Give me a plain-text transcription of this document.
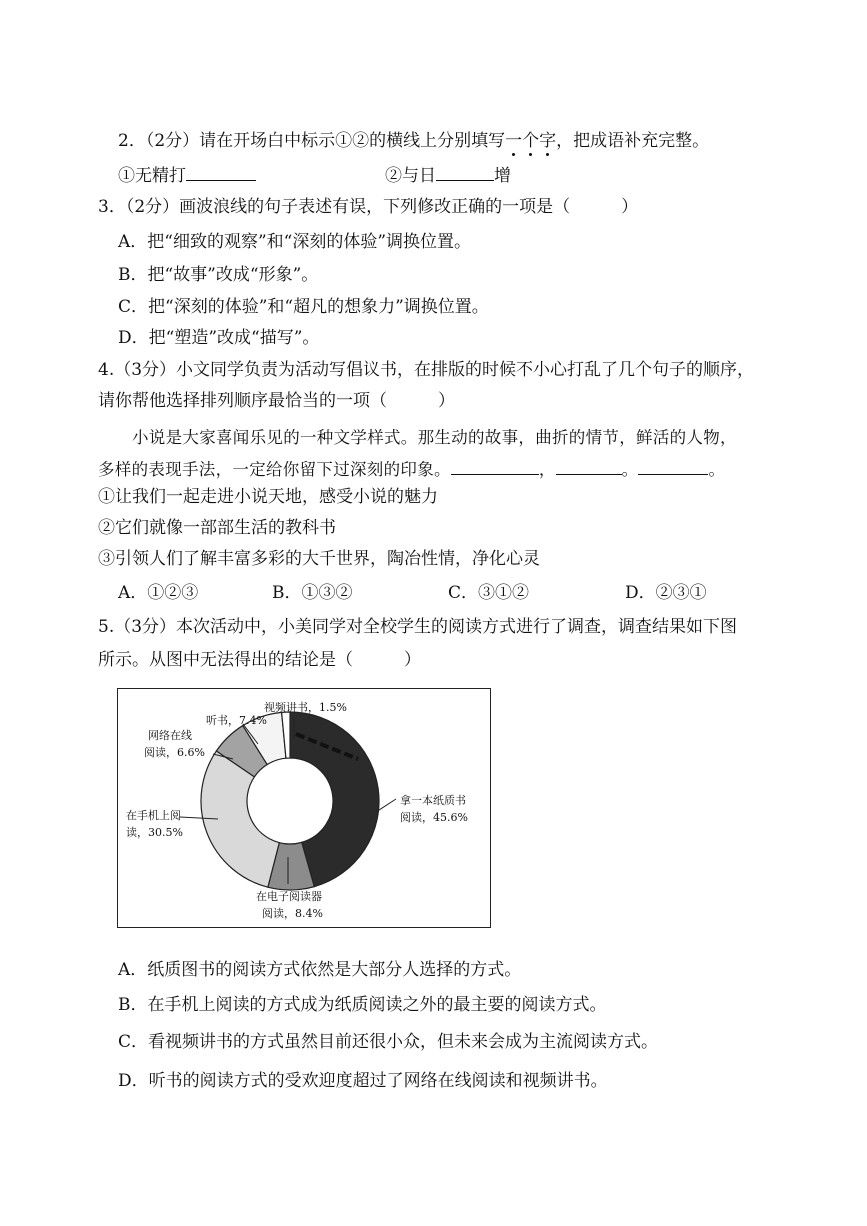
2．（2分）请在开场白中标示①②的横线上分别填写一个字，把成语补充完整。
①无精打	②与日	增
3．（2分）画波浪线的句子表述有误，下列修改正确的一项是（　　　）
A．把“细致的观察”和“深刻的体验”调换位置。
B．把“故事”改成“形象”。
C．把“深刻的体验”和“超凡的想象力”调换位置。
D．把“塑造”改成“描写”。
4.（3分）小文同学负责为活动写倡议书，在排版的时候不小心打乱了几个句子的顺序，
请你帮他选择排列顺序最恰当的一项（　　　）
小说是大家喜闻乐见的一种文学样式。那生动的故事，曲折的情节，鲜活的人物，
多样的表现手法，一定给你留下过深刻的印象。	，	。	。
①让我们一起走进小说天地，感受小说的魅力
②它们就像一部部生活的教科书
③引领人们了解丰富多彩的大千世界，陶冶性情，净化心灵
A．①②③	B．①③②	C．③①②	D．②③①
5.（3分）本次活动中，小美同学对全校学生的阅读方式进行了调查，调查结果如下图
所示。从图中无法得出的结论是（　　　）
视频讲书，1.5%
听书，7.4%
网络在线
阅读，6.6%
在手机上阅
读，30.5%
拿一本纸质书
阅读，45.6%
在电子阅读器
阅读，8.4%
A．纸质图书的阅读方式依然是大部分人选择的方式。
B．在手机上阅读的方式成为纸质阅读之外的最主要的阅读方式。
C．看视频讲书的方式虽然目前还很小众，但未来会成为主流阅读方式。
D．听书的阅读方式的受欢迎度超过了网络在线阅读和视频讲书。
